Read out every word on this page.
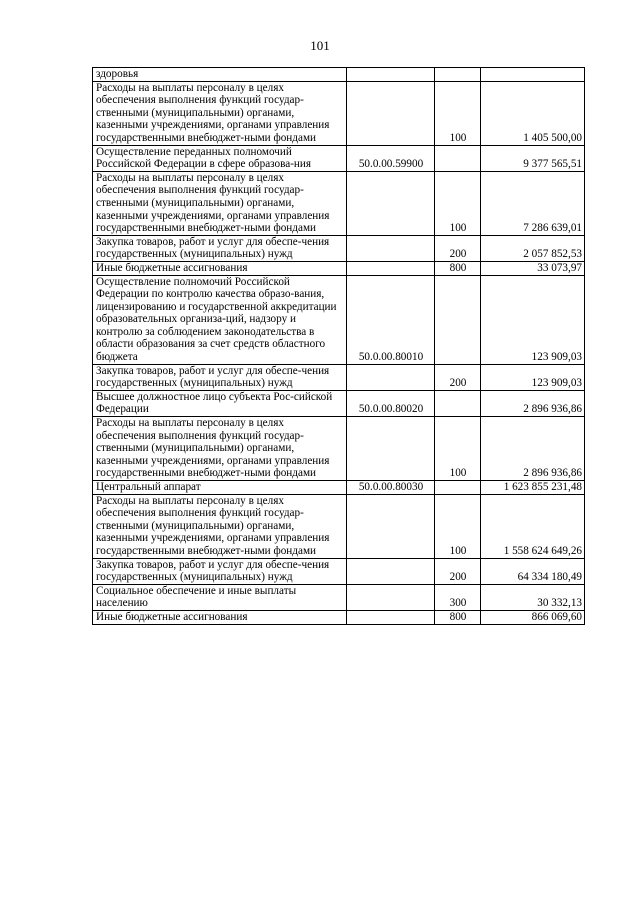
101
здоровья			
Расходы на выплаты персоналу в целях обеспечения выполнения функций государ-ственными (муниципальными) органами, казенными учреждениями, органами управления государственными внебюджет-ными фондами		100	1 405 500,00
Осуществление переданных полномочий Российской Федерации в сфере образова-ния	50.0.00.59900		9 377 565,51
Расходы на выплаты персоналу в целях обеспечения выполнения функций государ-ственными (муниципальными) органами, казенными учреждениями, органами управления государственными внебюджет-ными фондами		100	7 286 639,01
Закупка товаров, работ и услуг для обеспе-чения государственных (муниципальных) нужд		200	2 057 852,53
Иные бюджетные ассигнования		800	33 073,97
Осуществление полномочий Российской Федерации по контролю качества образо-вания, лицензированию и государственной аккредитации образовательных организа-ций, надзору и контролю за соблюдением законодательства в области образования за счет средств областного бюджета	50.0.00.80010		123 909,03
Закупка товаров, работ и услуг для обеспе-чения государственных (муниципальных) нужд		200	123 909,03
Высшее должностное лицо субъекта Рос-сийской Федерации	50.0.00.80020		2 896 936,86
Расходы на выплаты персоналу в целях обеспечения выполнения функций государ-ственными (муниципальными) органами, казенными учреждениями, органами управления государственными внебюджет-ными фондами		100	2 896 936,86
Центральный аппарат	50.0.00.80030		1 623 855 231,48
Расходы на выплаты персоналу в целях обеспечения выполнения функций государ-ственными (муниципальными) органами, казенными учреждениями, органами управления государственными внебюджет-ными фондами		100	1 558 624 649,26
Закупка товаров, работ и услуг для обеспе-чения государственных (муниципальных) нужд		200	64 334 180,49
Социальное обеспечение и иные выплаты населению		300	30 332,13
Иные бюджетные ассигнования		800	866 069,60
